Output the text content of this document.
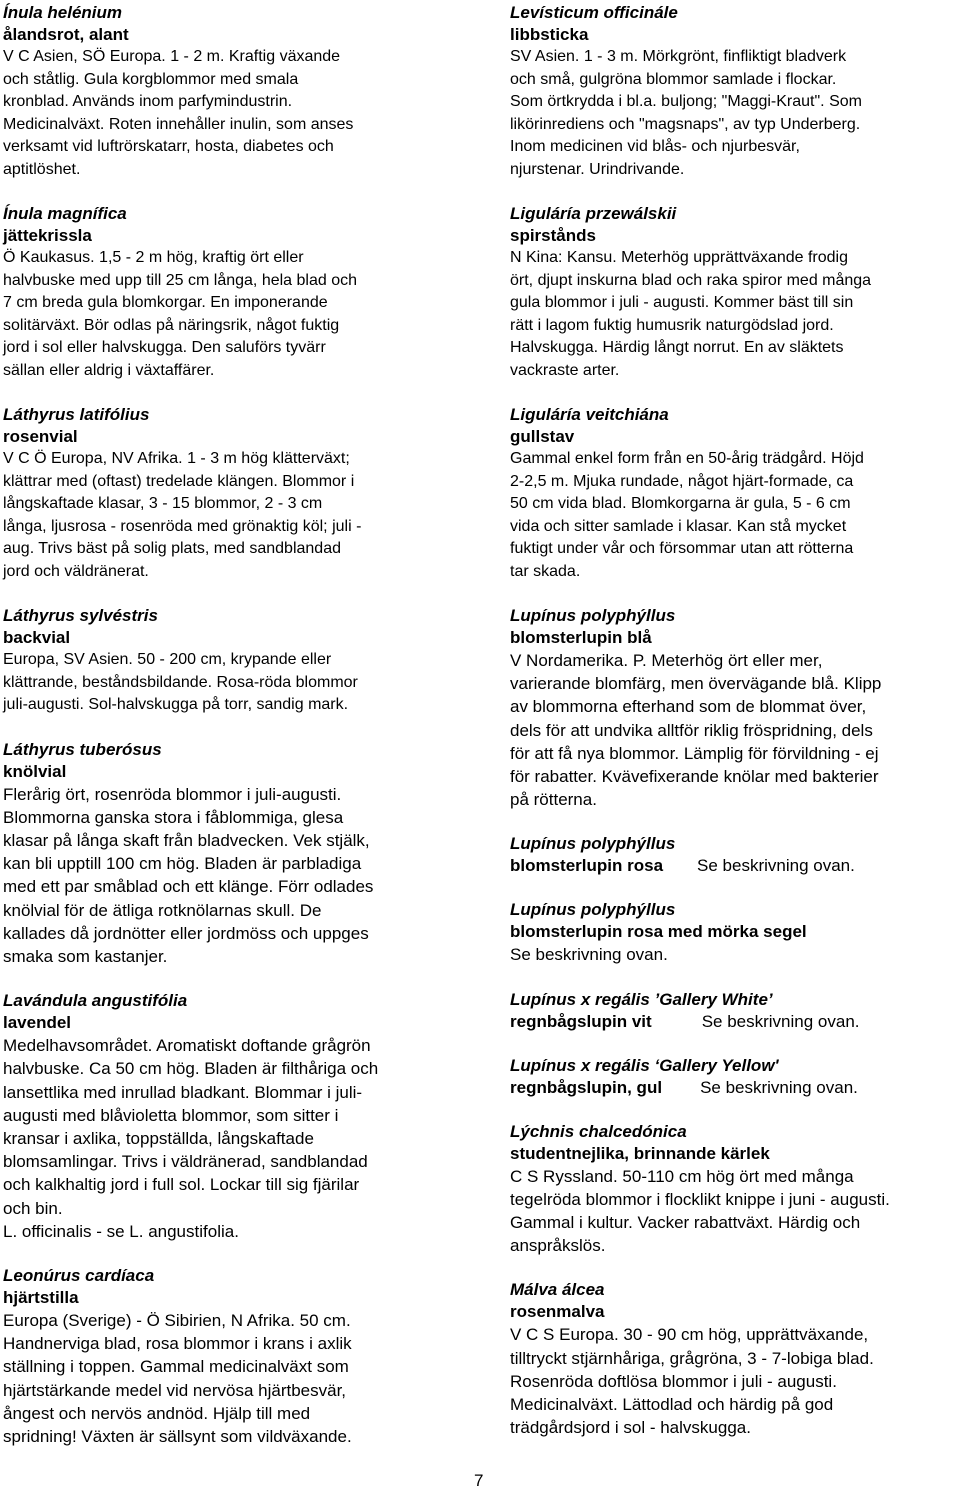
Ínula helénium
ålandsrot, alant
V C Asien, SÖ Europa. 1 - 2 m. Kraftig växande
och ståtlig. Gula korgblommor med smala
kronblad. Används inom parfymindustrin.
Medicinalväxt. Roten innehåller inulin, som anses
verksamt vid luftrörskatarr, hosta, diabetes och
aptitlöshet.
Ínula magnífica
jättekrissla
Ö Kaukasus. 1,5 - 2 m hög, kraftig ört eller
halvbuske med upp till 25 cm långa, hela blad och
7 cm breda gula blomkorgar. En imponerande
solitärväxt. Bör odlas på näringsrik, något fuktig
jord i sol eller halvskugga. Den saluförs tyvärr
sällan eller aldrig i växtaffärer.
Láthyrus latifólius
rosenvial
V C Ö Europa, NV Afrika. 1 - 3 m hög klätterväxt;
klättrar med (oftast) tredelade klängen. Blommor i
långskaftade klasar, 3 - 15 blommor, 2 - 3 cm
långa, ljusrosa - rosenröda med grönaktig köl; juli -
aug. Trivs bäst på solig plats, med sandblandad
jord och väldränerat.
Láthyrus sylvéstris
backvial
Europa, SV Asien. 50 - 200 cm, krypande eller
klättrande, beståndsbildande. Rosa-röda blommor
juli-augusti. Sol-halvskugga på torr, sandig mark.
Láthyrus tuberósus
knölvial
Flerårig ört, rosenröda blommor i juli-augusti.
Blommorna ganska stora i fåblommiga, glesa
klasar på långa skaft från bladvecken. Vek stjälk,
kan bli upptill 100 cm hög. Bladen är parbladiga
med ett par småblad och ett klänge. Förr odlades
knölvial för de ätliga rotknölarnas skull. De
kallades då jordnötter eller jordmöss och uppges
smaka som kastanjer.
Lavándula angustifólia
lavendel
Medelhavsområdet. Aromatiskt doftande grågrön
halvbuske. Ca 50 cm hög. Bladen är filthåriga och
lansettlika med inrullad bladkant. Blommar i juli-
augusti med blåvioletta blommor, som sitter i
kransar i axlika, toppställda, långskaftade
blomsamlingar. Trivs i väldränerad, sandblandad
och kalkhaltig jord i full sol. Lockar till sig fjärilar
och bin.
L. officinalis - se L. angustifolia.
Leonúrus cardíaca
hjärtstilla
Europa (Sverige) - Ö Sibirien, N Afrika. 50 cm.
Handnerviga blad, rosa blommor i krans i axlik
ställning i toppen. Gammal medicinalväxt som
hjärtstärkande medel vid nervösa hjärtbesvär,
ångest och nervös andnöd. Hjälp till med
spridning! Växten är sällsynt som vildväxande.
Levísticum officinále
libbsticka
SV Asien. 1 - 3 m. Mörkgrönt, finfliktigt bladverk
och små, gulgröna blommor samlade i flockar.
Som örtkrydda i bl.a. buljong; "Maggi-Kraut". Som
likörinrediens och "magsnaps", av typ Underberg.
Inom medicinen vid blås- och njurbesvär,
njurstenar. Urindrivande.
Liguláría przewálskii
spirstånds
N Kina: Kansu. Meterhög upprättväxande frodig
ört, djupt inskurna blad och raka spiror med många
gula blommor i juli - augusti. Kommer bäst till sin
rätt i lagom fuktig humusrik naturgödslad jord.
Halvskugga. Härdig långt norrut. En av släktets
vackraste arter.
Liguláría veitchiána
gullstav
Gammal enkel form från en 50-årig trädgård. Höjd
2-2,5 m. Mjuka rundade, något hjärt-formade, ca
50 cm vida blad. Blomkorgarna är gula, 5 - 6 cm
vida och sitter samlade i klasar. Kan stå mycket
fuktigt under vår och försommar utan att rötterna
tar skada.
Lupínus polyphýllus
blomsterlupin blå
V Nordamerika. P. Meterhög ört eller mer,
varierande blomfärg, men övervägande blå. Klipp
av blommorna efterhand som de blommat över,
dels för att undvika alltför riklig fröspridning, dels
för att få nya blommor. Lämplig för förvildning - ej
för rabatter. Kvävefixerande knölar med bakterier
på rötterna.
Lupínus polyphýllus
blomsterlupin rosa Se beskrivning ovan.
Lupínus polyphýllus
blomsterlupin rosa med mörka segel
Se beskrivning ovan.
Lupínus x regális ’Gallery White’
regnbågslupin vit	Se beskrivning ovan.
Lupínus x regális ‘Gallery Yellow'
regnbågslupin, gul Se beskrivning ovan.
Lýchnis chalcedónica
studentnejlika, brinnande kärlek
C S Ryssland. 50-110 cm hög ört med många
tegelröda blommor i flocklikt knippe i juni - augusti.
Gammal i kultur. Vacker rabattväxt. Härdig och
anspråkslös.
Málva álcea
rosenmalva
V C S Europa. 30 - 90 cm hög, upprättväxande,
tilltryckt stjärnhåriga, grågröna, 3 - 7-lobiga blad.
Rosenröda doftlösa blommor i juli - augusti.
Medicinalväxt. Lättodlad och härdig på god
trädgårdsjord i sol - halvskugga.
7
